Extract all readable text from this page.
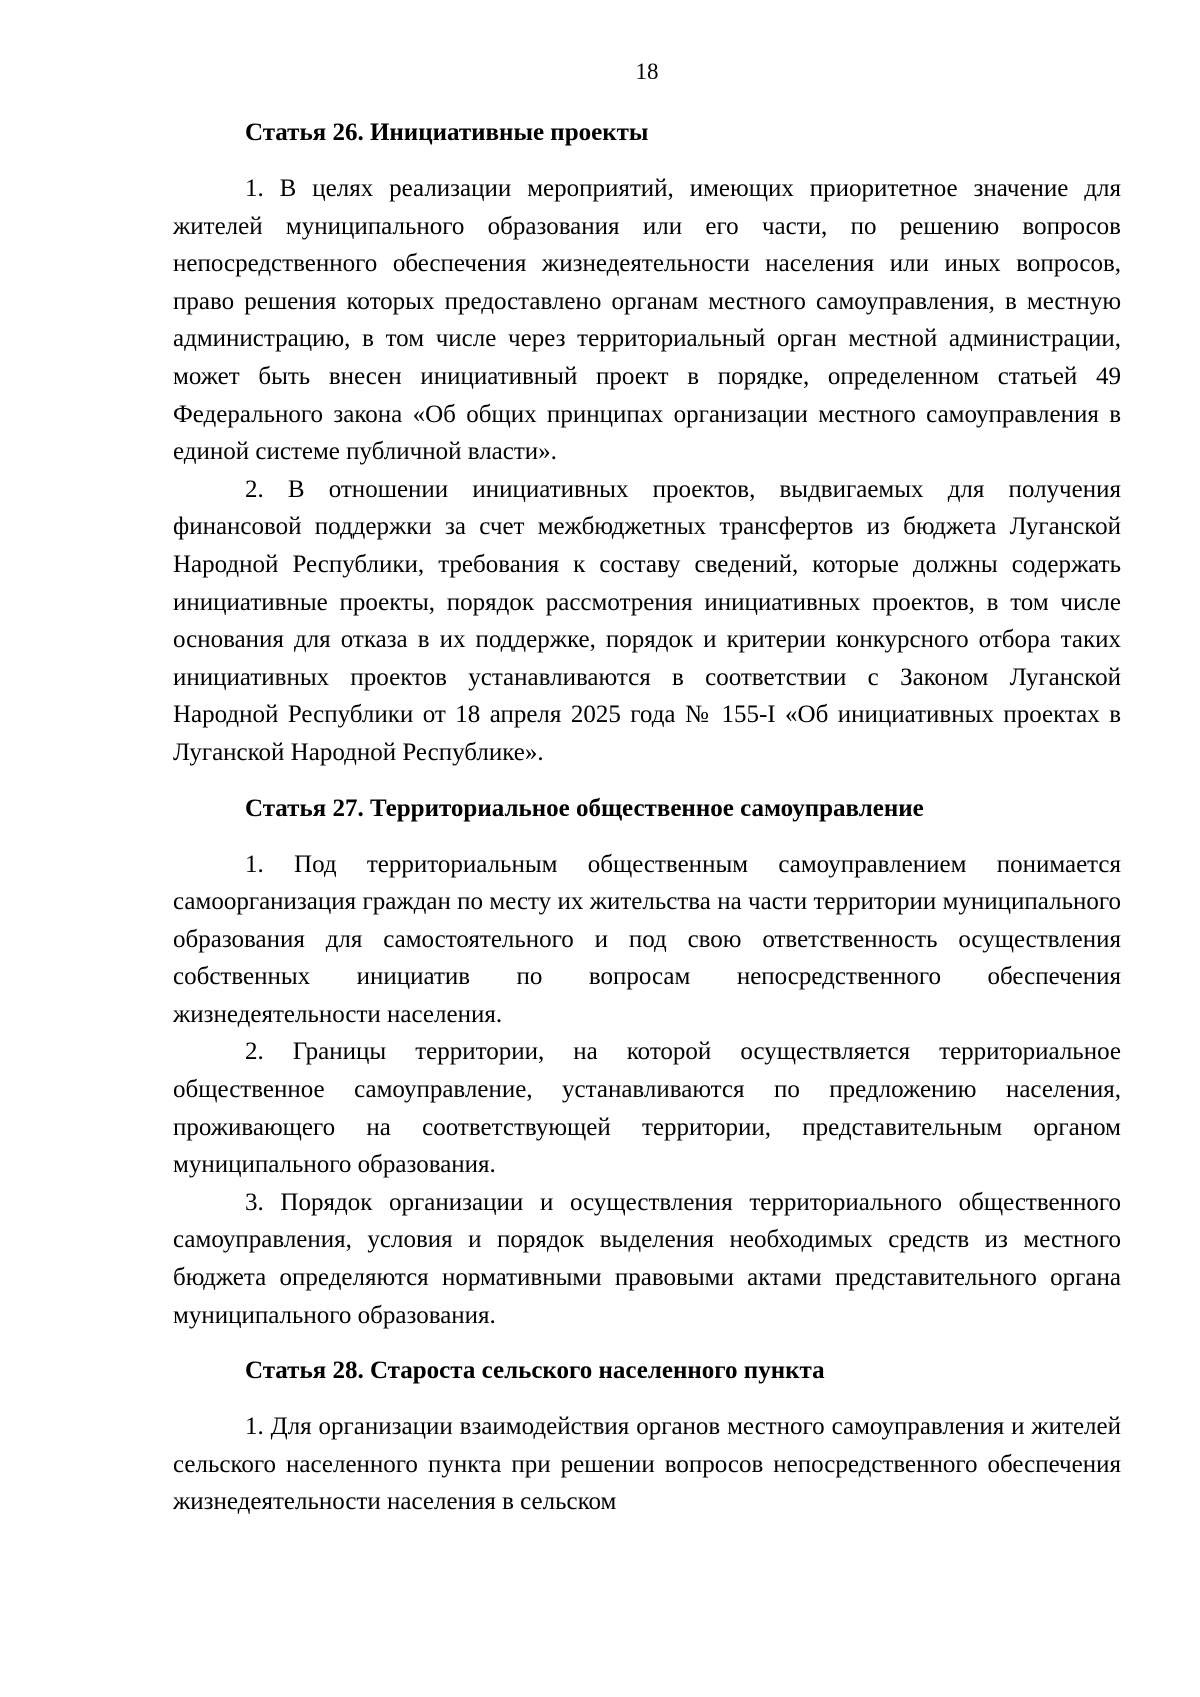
18
Статья 26. Инициативные проекты

1. В целях реализации мероприятий, имеющих приоритетное значение для жителей муниципального образования или его части, по решению вопросов непосредственного обеспечения жизнедеятельности населения или иных вопросов, право решения которых предоставлено органам местного самоуправления, в местную администрацию, в том числе через территориальный орган местной администрации, может быть внесен инициативный проект в порядке, определенном статьей 49 Федерального закона «Об общих принципах организации местного самоуправления в единой системе публичной власти».

2. В отношении инициативных проектов, выдвигаемых для получения финансовой поддержки за счет межбюджетных трансфертов из бюджета Луганской Народной Республики, требования к составу сведений, которые должны содержать инициативные проекты, порядок рассмотрения инициативных проектов, в том числе основания для отказа в их поддержке, порядок и критерии конкурсного отбора таких инициативных проектов устанавливаются в соответствии с Законом Луганской Народной Республики от 18 апреля 2025 года № 155-I «Об инициативных проектах в Луганской Народной Республике».

Статья 27. Территориальное общественное самоуправление

1. Под территориальным общественным самоуправлением понимается самоорганизация граждан по месту их жительства на части территории муниципального образования для самостоятельного и под свою ответственность осуществления собственных инициатив по вопросам непосредственного обеспечения жизнедеятельности населения.

2. Границы территории, на которой осуществляется территориальное общественное самоуправление, устанавливаются по предложению населения, проживающего на соответствующей территории, представительным органом муниципального образования.

3. Порядок организации и осуществления территориального общественного самоуправления, условия и порядок выделения необходимых средств из местного бюджета определяются нормативными правовыми актами представительного органа муниципального образования.

Статья 28. Староста сельского населенного пункта

1. Для организации взаимодействия органов местного самоуправления и жителей сельского населенного пункта при решении вопросов непосредственного обеспечения жизнедеятельности населения в сельском
